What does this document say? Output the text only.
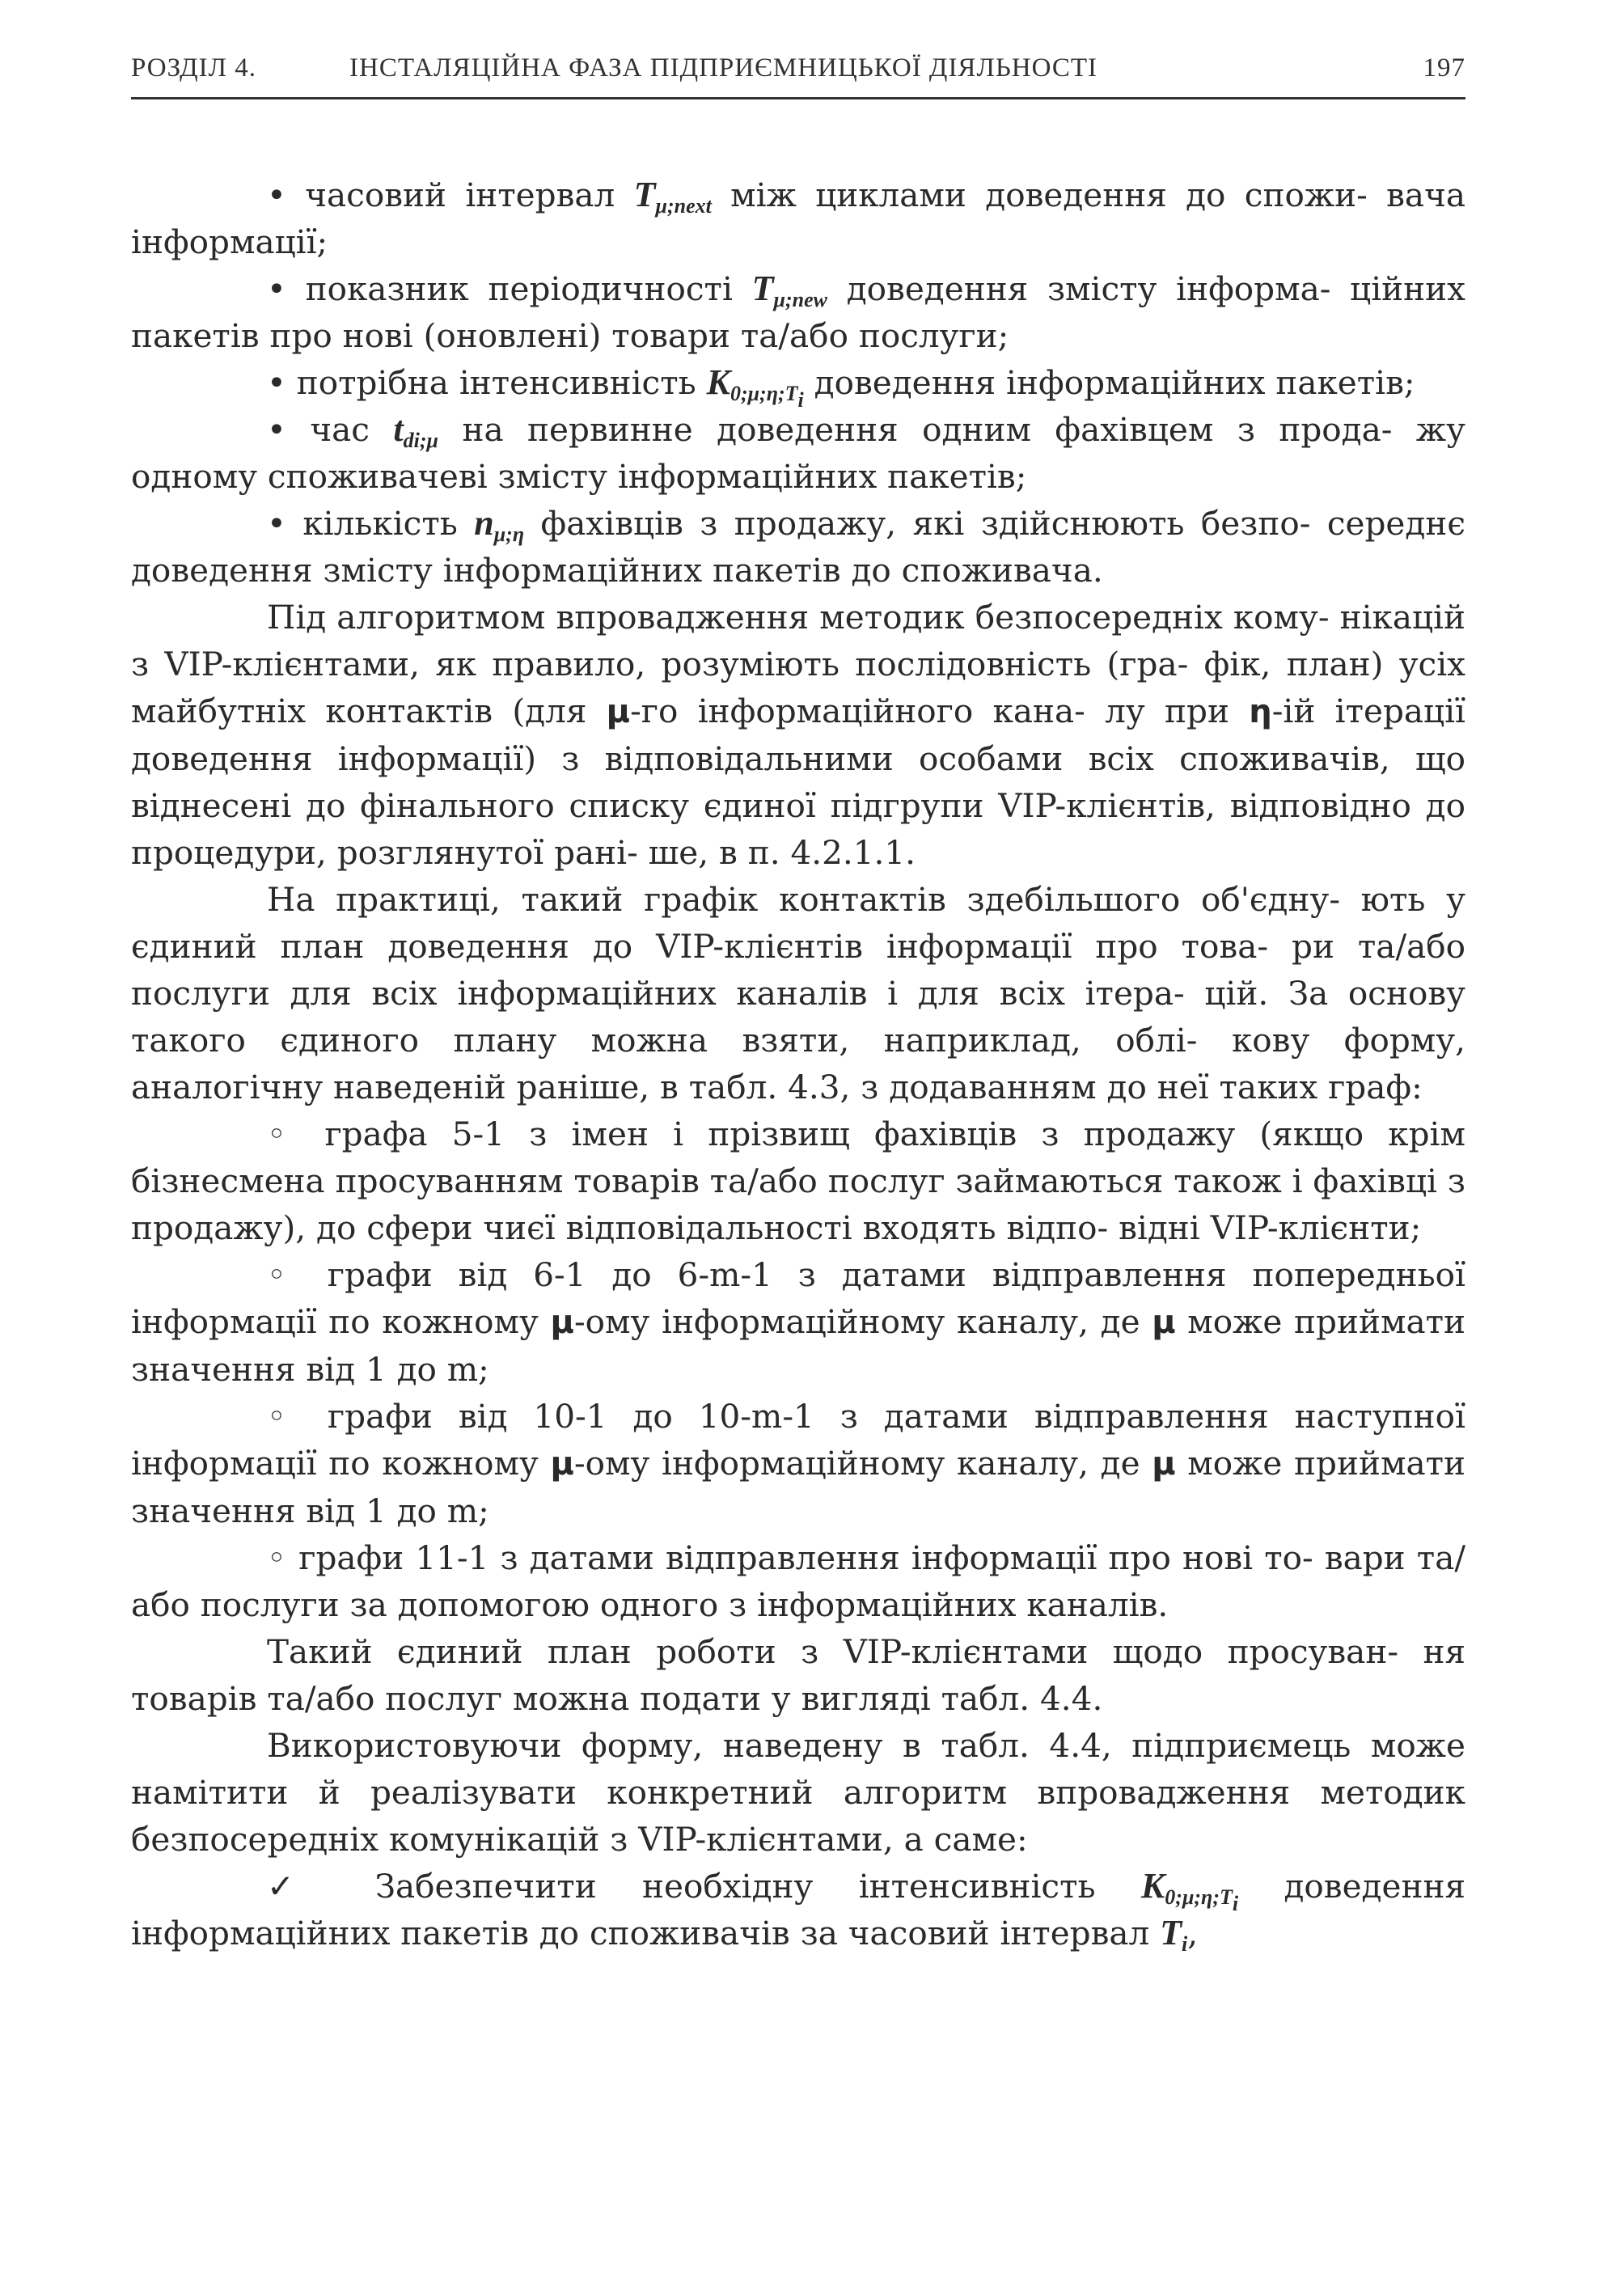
РОЗДІЛ 4.	ІНСТАЛЯЦІЙНА ФАЗА ПІДПРИЄМНИЦЬКОЇ ДІЯЛЬНОСТІ	197

• часовий інтервал $T_{\mu;next}$ між циклами доведення до спожи- вача інформації;

• показник періодичності $T_{\mu;new}$ доведення змісту інформа- ційних пакетів про нові (оновлені) товари та/або послуги;

• потрібна інтенсивність $K_{0;\mu;\eta;T_i}$ доведення інформаційних пакетів;

• час $t_{di;\mu}$ на первинне доведення одним фахівцем з прода- жу одному споживачеві змісту інформаційних пакетів;

• кількість $n_{\mu;\eta}$ фахівців з продажу, які здійснюють безпо- середнє доведення змісту інформаційних пакетів до споживача.

Під алгоритмом впровадження методик безпосередніх кому- нікацій з VIP-клієнтами, як правило, розуміють послідовність (гра- фік, план) усіх майбутніх контактів (для μ-го інформаційного кана- лу при η-ій ітерації доведення інформації) з відповідальними особами всіх споживачів, що віднесені до фінального списку єдиної підгрупи VIP-клієнтів, відповідно до процедури, розглянутої рані- ше, в п. 4.2.1.1.

На практиці, такий графік контактів здебільшого об'єдну- ють у єдиний план доведення до VIP-клієнтів інформації про това- ри та/або послуги для всіх інформаційних каналів і для всіх ітера- цій. За основу такого єдиного плану можна взяти, наприклад, облі- кову форму, аналогічну наведеній раніше, в табл. 4.3, з додаванням до неї таких граф:

◦ графа 5-1 з імен і прізвищ фахівців з продажу (якщо крім бізнесмена просуванням товарів та/або послуг займаються також і фахівці з продажу), до сфери чиєї відповідальності входять відпо- відні VIP-клієнти;

◦ графи від 6-1 до 6-m-1 з датами відправлення попередньої інформації по кожному μ-ому інформаційному каналу, де μ може приймати значення від 1 до m;

◦ графи від 10-1 до 10-m-1 з датами відправлення наступної інформації по кожному μ-ому інформаційному каналу, де μ може приймати значення від 1 до m;

◦ графи 11-1 з датами відправлення інформації про нові то- вари та/або послуги за допомогою одного з інформаційних каналів.

Такий єдиний план роботи з VIP-клієнтами щодо просуван- ня товарів та/або послуг можна подати у вигляді табл. 4.4.

Використовуючи форму, наведену в табл. 4.4, підприємець може намітити й реалізувати конкретний алгоритм впровадження методик безпосередніх комунікацій з VIP-клієнтами, а саме:

✓ Забезпечити необхідну інтенсивність $K_{0;\mu;\eta;T_i}$ доведення інформаційних пакетів до споживачів за часовий інтервал $T_i$,
